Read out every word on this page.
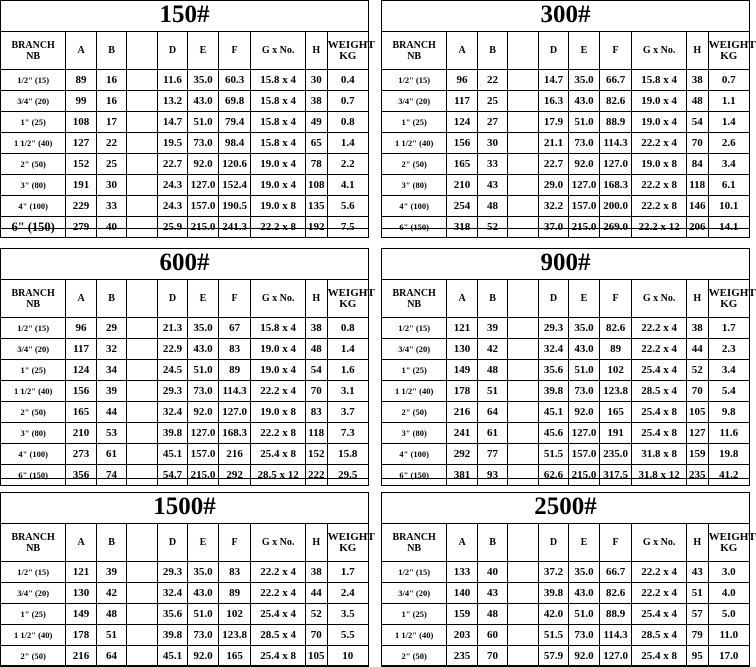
150#
BRANCH
NB	A	B		D	E	F	G x No.	H	WEIGHT
KG
1/2" (15)	89	16		11.6	35.0	60.3	15.8 x 4	30	0.4
3/4" (20)	99	16		13.2	43.0	69.8	15.8 x 4	38	0.7
1" (25)	108	17		14.7	51.0	79.4	15.8 x 4	49	0.8
1 1/2" (40)	127	22		19.5	73.0	98.4	15.8 x 4	65	1.4
2" (50)	152	25		22.7	92.0	120.6	19.0 x 4	78	2.2
3" (80)	191	30		24.3	127.0	152.4	19.0 x 4	108	4.1
4" (100)	229	33		24.3	157.0	190.5	19.0 x 8	135	5.6
6" (150)	279	40		25.9	215.0	241.3	22.2 x 8	192	7.5
300#
BRANCH
NB	A	B		D	E	F	G x No.	H	WEIGHT
KG
1/2" (15)	96	22		14.7	35.0	66.7	15.8 x 4	38	0.7
3/4" (20)	117	25		16.3	43.0	82.6	19.0 x 4	48	1.1
1" (25)	124	27		17.9	51.0	88.9	19.0 x 4	54	1.4
1 1/2" (40)	156	30		21.1	73.0	114.3	22.2 x 4	70	2.6
2" (50)	165	33		22.7	92.0	127.0	19.0 x 8	84	3.4
3" (80)	210	43		29.0	127.0	168.3	22.2 x 8	118	6.1
4" (100)	254	48		32.2	157.0	200.0	22.2 x 8	146	10.1
6" (150)	318	52		37.0	215.0	269.0	22.2 x 12	206	14.1
600#
BRANCH
NB	A	B		D	E	F	G x No.	H	WEIGHT
KG
1/2" (15)	96	29		21.3	35.0	67	15.8 x 4	38	0.8
3/4" (20)	117	32		22.9	43.0	83	19.0 x 4	48	1.4
1" (25)	124	34		24.5	51.0	89	19.0 x 4	54	1.6
1 1/2" (40)	156	39		29.3	73.0	114.3	22.2 x 4	70	3.1
2" (50)	165	44		32.4	92.0	127.0	19.0 x 8	83	3.7
3" (80)	210	53		39.8	127.0	168.3	22.2 x 8	118	7.3
4" (100)	273	61		45.1	157.0	216	25.4 x 8	152	15.8
6" (150)	356	74		54.7	215.0	292	28.5 x 12	222	29.5
900#
BRANCH
NB	A	B		D	E	F	G x No.	H	WEIGHT
KG
1/2" (15)	121	39		29.3	35.0	82.6	22.2 x 4	38	1.7
3/4" (20)	130	42		32.4	43.0	89	22.2 x 4	44	2.3
1" (25)	149	48		35.6	51.0	102	25.4 x 4	52	3.4
1 1/2" (40)	178	51		39.8	73.0	123.8	28.5 x 4	70	5.4
2" (50)	216	64		45.1	92.0	165	25.4 x 8	105	9.8
3" (80)	241	61		45.6	127.0	191	25.4 x 8	127	11.6
4" (100)	292	77		51.5	157.0	235.0	31.8 x 8	159	19.8
6" (150)	381	93		62.6	215.0	317.5	31.8 x 12	235	41.2
1500#
BRANCH
NB	A	B		D	E	F	G x No.	H	WEIGHT
KG
1/2" (15)	121	39		29.3	35.0	83	22.2 x 4	38	1.7
3/4" (20)	130	42		32.4	43.0	89	22.2 x 4	44	2.4
1" (25)	149	48		35.6	51.0	102	25.4 x 4	52	3.5
1 1/2" (40)	178	51		39.8	73.0	123.8	28.5 x 4	70	5.5
2" (50)	216	64		45.1	92.0	165	25.4 x 8	105	10
2500#
BRANCH
NB	A	B		D	E	F	G x No.	H	WEIGHT
KG
1/2" (15)	133	40		37.2	35.0	66.7	22.2 x 4	43	3.0
3/4" (20)	140	43		39.8	43.0	82.6	22.2 x 4	51	4.0
1" (25)	159	48		42.0	51.0	88.9	25.4 x 4	57	5.0
1 1/2" (40)	203	60		51.5	73.0	114.3	28.5 x 4	79	11.0
2" (50)	235	70		57.9	92.0	127.0	25.4 x 8	95	17.0
